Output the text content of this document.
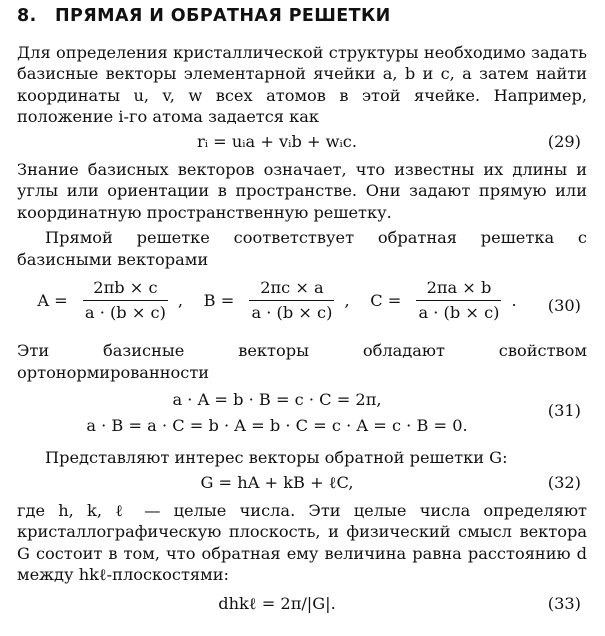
8. ПРЯМАЯ И ОБРАТНАЯ РЕШЕТКИ

Для определения кристаллической структуры необходимо задать базисные векторы элементарной ячейки a, b и c, а затем найти координаты u, v, w всех атомов в этой ячейке. Например, положение i-го атома задается как

rᵢ = uᵢa + vᵢb + wᵢc.	(29)

Знание базисных векторов означает, что известны их длины и углы или ориентации в пространстве. Они задают прямую или координатную пространственную решетку.

Прямой решетке соответствует обратная решетка с базисными векторами

$A = \frac{2\pi b \times c}{a \cdot (b \times c)}$ , $B = \frac{2\pi c \times a}{a \cdot (b \times c)}$ , $C = \frac{2\pi a \times b}{a \cdot (b \times c)}$ .	(30)

Эти базисные векторы обладают свойством ортонормированности

a · A = b · B = c · C = 2π,
a · B = a · C = b · A = b · C = c · A = c · B = 0.
(31)

Представляют интерес векторы обратной решетки G:

G = hA + kB + ℓC,	(32)

где h, k, ℓ — целые числа. Эти целые числа определяют кристаллографическую плоскость, и физический смысл вектора G состоит в том, что обратная ему величина равна расстоянию d между hkℓ-плоскостями:

dhkℓ = 2π/|G|.	(33)
